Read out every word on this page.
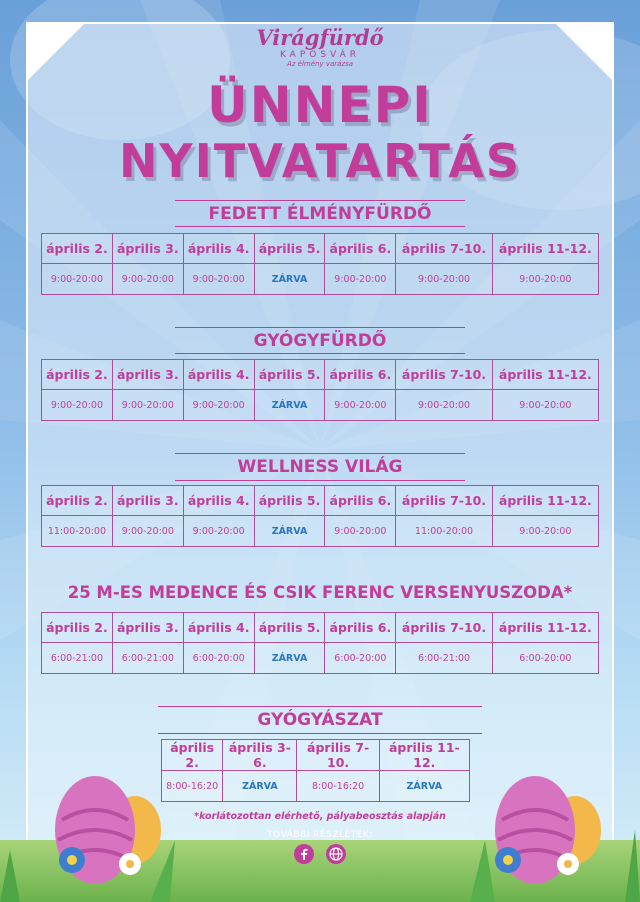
Virágfürdő
KAPOSVÁR
Az élmény varázsa
ÜNNEPI
NYITVATARTÁS
FEDETT ÉLMÉNYFÜRDŐ
április 2.	április 3.	április 4.	április 5.	április 6.	április 7-10.	április 11-12.
9:00-20:00	9:00-20:00	9:00-20:00	ZÁRVA	9:00-20:00	9:00-20:00	9:00-20:00
GYÓGYFÜRDŐ
április 2.	április 3.	április 4.	április 5.	április 6.	április 7-10.	április 11-12.
9:00-20:00	9:00-20:00	9:00-20:00	ZÁRVA	9:00-20:00	9:00-20:00	9:00-20:00
WELLNESS VILÁG
április 2.	április 3.	április 4.	április 5.	április 6.	április 7-10.	április 11-12.
11:00-20:00	9:00-20:00	9:00-20:00	ZÁRVA	9:00-20:00	11:00-20:00	9:00-20:00
25 M-ES MEDENCE ÉS CSIK FERENC VERSENYUSZODA*
április 2.	április 3.	április 4.	április 5.	április 6.	április 7-10.	április 11-12.
6:00-21:00	6:00-21:00	6:00-20:00	ZÁRVA	6:00-20:00	6:00-21:00	6:00-20:00
GYÓGYÁSZAT
április 2.	április 3-6.	április 7-10.	április 11-12.
8:00-16:20	ZÁRVA	8:00-16:20	ZÁRVA
*korlátozottan elérhető, pályabeosztás alapján
TOVÁBBI RÉSZLETEK:
